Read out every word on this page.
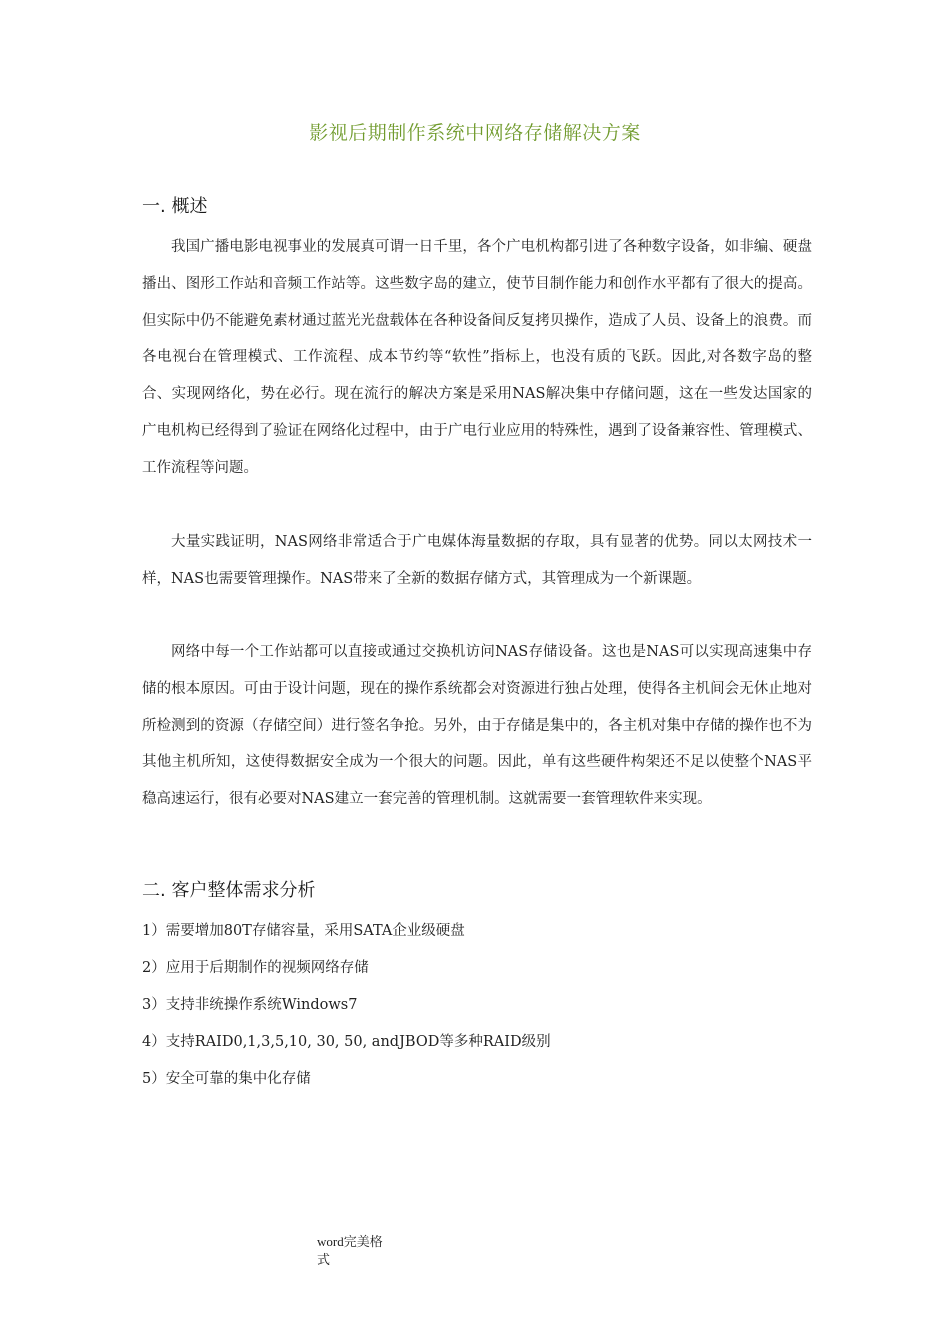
影视后期制作系统中网络存储解决方案
一. 概述

我国广播电影电视事业的发展真可谓一日千里，各个广电机构都引进了各种数字设备，如非编、硬盘播出、图形工作站和音频工作站等。这些数字岛的建立，使节目制作能力和创作水平都有了很大的提高。但实际中仍不能避免素材通过蓝光光盘载体在各种设备间反复拷贝操作，造成了人员、设备上的浪费。而各电视台在管理模式、工作流程、成本节约等“软性”指标上，也没有质的飞跃。因此,对各数字岛的整合、实现网络化，势在必行。现在流行的解决方案是采用NAS解决集中存储问题，这在一些发达国家的广电机构已经得到了验证在网络化过程中，由于广电行业应用的特殊性，遇到了设备兼容性、管理模式、工作流程等问题。

大量实践证明，NAS网络非常适合于广电媒体海量数据的存取，具有显著的优势。同以太网技术一样，NAS也需要管理操作。NAS带来了全新的数据存储方式，其管理成为一个新课题。

网络中每一个工作站都可以直接或通过交换机访问NAS存储设备。这也是NAS可以实现高速集中存储的根本原因。可由于设计问题，现在的操作系统都会对资源进行独占处理，使得各主机间会无休止地对所检测到的资源（存储空间）进行签名争抢。另外，由于存储是集中的，各主机对集中存储的操作也不为其他主机所知，这使得数据安全成为一个很大的问题。因此，单有这些硬件构架还不足以使整个NAS平稳高速运行，很有必要对NAS建立一套完善的管理机制。这就需要一套管理软件来实现。

二. 客户整体需求分析
1）需要增加80T存储容量，采用SATA企业级硬盘
2）应用于后期制作的视频网络存储
3）支持非统操作系统Windows7
4）支持RAID0,1,3,5,10, 30, 50, andJBOD等多种RAID级别
5）安全可靠的集中化存储
word完美格
式
